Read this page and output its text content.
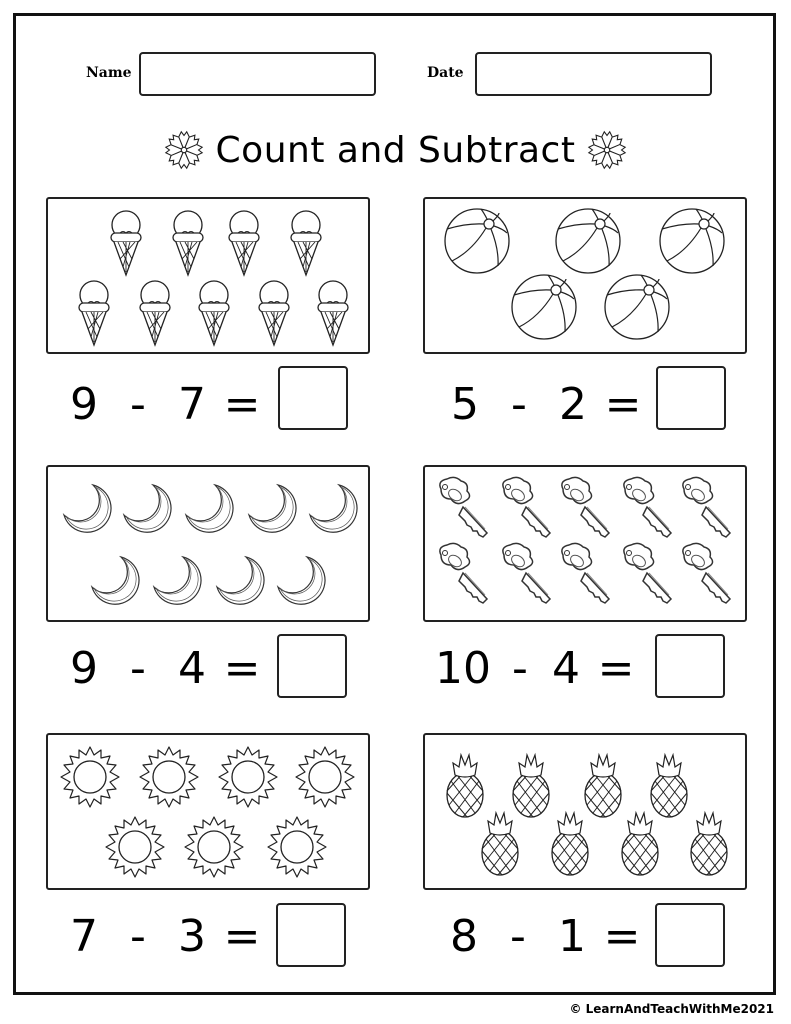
Name	Date
Count and Subtract
9 - 7 =	5 - 2 =
9 - 4 =	10 - 4 =
7 - 3 =	8 - 1 =
© LearnAndTeachWithMe2021
